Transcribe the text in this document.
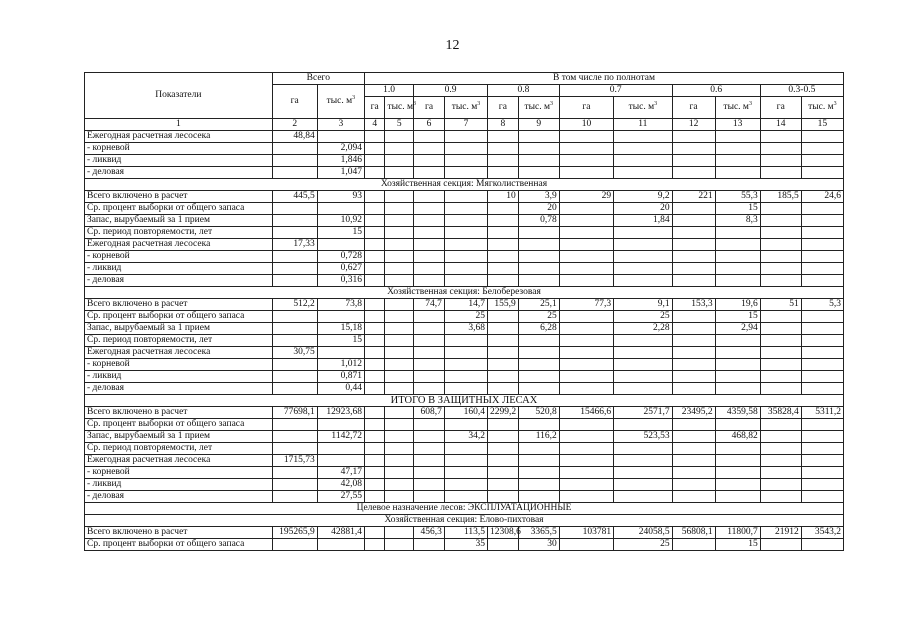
12
Показатели	Всего		В том числе по полнотам											
	га	тыс. $м^3$	1.0		0.9		0.8		0.7		0.6		0.3-0.5	
			га	тыс. $м^3$	га	тыс. $м^3$	га	тыс. $м^3$	га	тыс. $м^3$	га	тыс. $м^3$	га	тыс. $м^3$
1	2	3	4	5	6	7	8	9	10	11	12	13	14	15
Ежегодная расчетная лесосека	48,84													
- корневой		2,094												
- ликвид		1,846												
- деловая		1,047												
Хозяйственная секция: Мягколиственная														
Всего включено в расчет	445,5	93					10	3,9	29	9,2	221	55,3	185,5	24,6
Ср. процент выборки от общего запаса								20		20		15		
Запас, вырубаемый за 1 прием		10,92						0,78		1,84		8,3		
Ср. период повторяемости, лет		15												
Ежегодная расчетная лесосека	17,33													
- корневой		0,728												
- ликвид		0,627												
- деловая		0,316												
Хозяйственная секция: Белоберезовая														
Всего включено в расчет	512,2	73,8			74,7	14,7	155,9	25,1	77,3	9,1	153,3	19,6	51	5,3
Ср. процент выборки от общего запаса						25		25		25		15		
Запас, вырубаемый за 1 прием		15,18				3,68		6,28		2,28		2,94		
Ср. период повторяемости, лет		15												
Ежегодная расчетная лесосека	30,75													
- корневой		1,012												
- ликвид		0,871												
- деловая		0,44												
ИТОГО В ЗАЩИТНЫХ ЛЕСАХ														
Всего включено в расчет	77698,1	12923,68			608,7	160,4	2299,2	520,8	15466,6	2571,7	23495,2	4359,58	35828,4	5311,2
Ср. процент выборки от общего запаса														
Запас, вырубаемый за 1 прием		1142,72				34,2		116,2		523,53		468,82		
Ср. период повторяемости, лет														
Ежегодная расчетная лесосека	1715,73													
- корневой		47,17												
- ликвид		42,08												
- деловая		27,55												
Целевое назначение лесов: ЭКСПЛУАТАЦИОННЫЕ														
Хозяйственная секция: Елово-пихтовая														
Всего включено в расчет	195265,9	42881,4			456,3	113,5	12308,6	3365,5	103781	24058,5	56808,1	11800,7	21912	3543,2
Ср. процент выборки от общего запаса						35		30		25		15		
